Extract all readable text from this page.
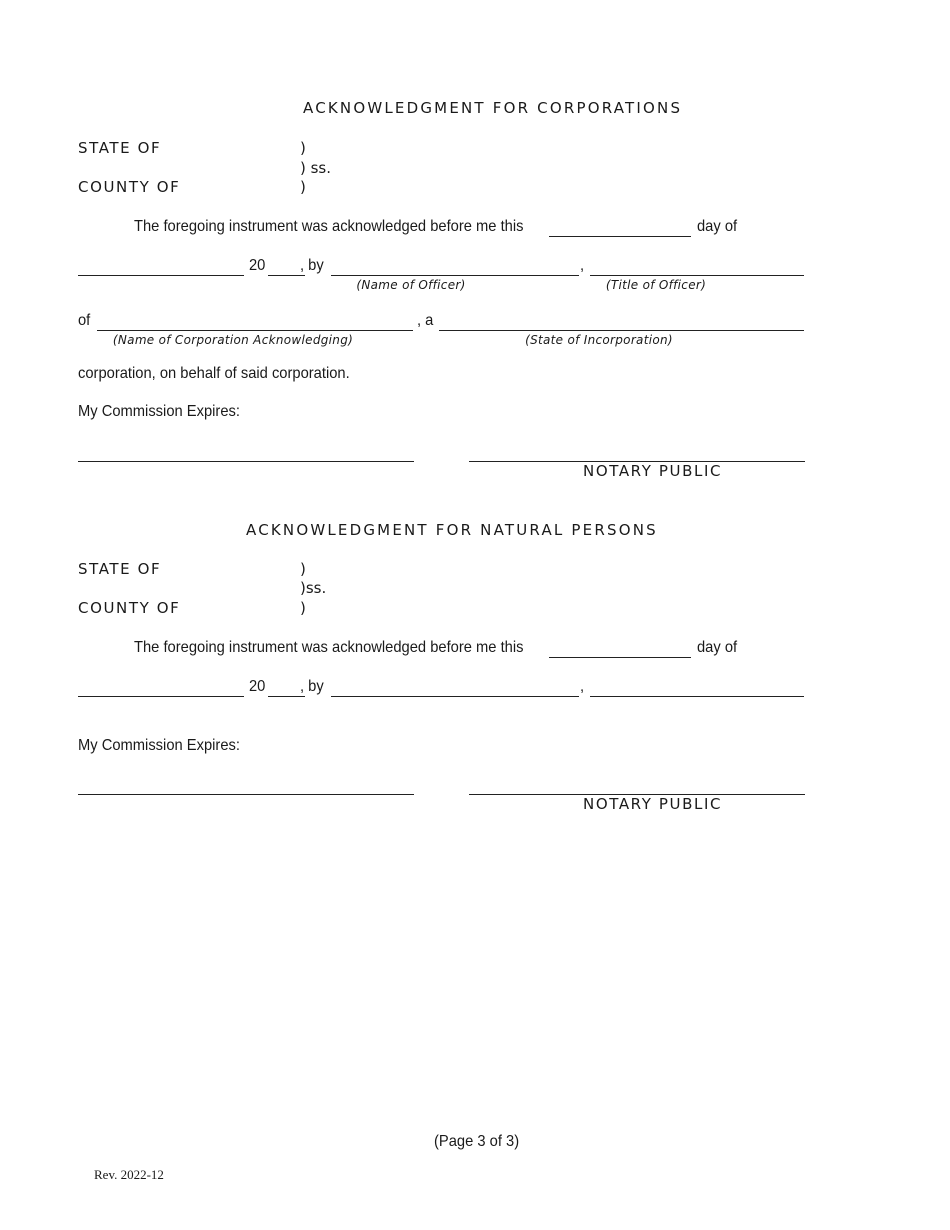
ACKNOWLEDGMENT FOR CORPORATIONS
STATE OF	)
) ss.
COUNTY OF	)
The foregoing instrument was acknowledged before me this	day of
20 , by	,
(Name of Officer)	(Title of Officer)
of	, a
(Name of Corporation Acknowledging)	(State of Incorporation)
corporation, on behalf of said corporation.
My Commission Expires:
NOTARY PUBLIC
ACKNOWLEDGMENT FOR NATURAL PERSONS
STATE OF	)
)ss.
COUNTY OF	)
The foregoing instrument was acknowledged before me this	day of
20 , by	,
My Commission Expires:
NOTARY PUBLIC
(Page 3 of 3)
Rev. 2022-12
